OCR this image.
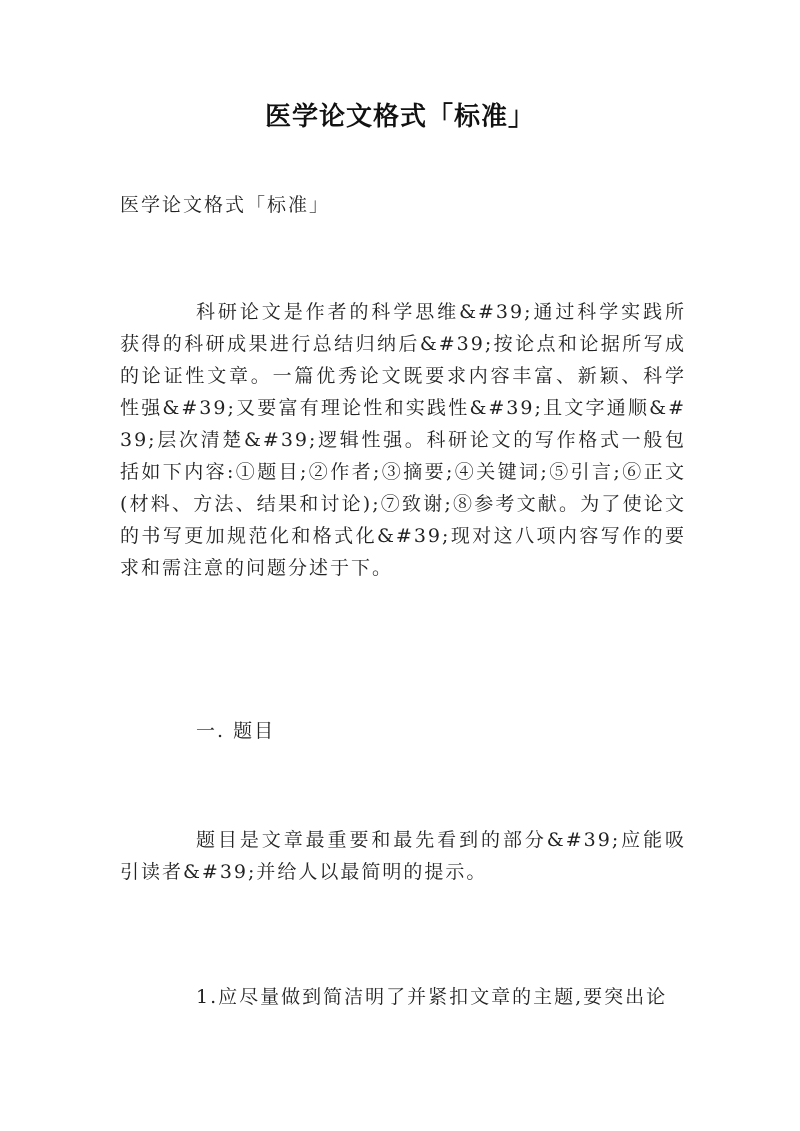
医学论文格式「标准」

医学论文格式「标准」

科研论文是作者的科学思维&#39;通过科学实践所获得的科研成果进行总结归纳后&#39;按论点和论据所写成的论证性文章。一篇优秀论文既要求内容丰富、新颖、科学性强&#39;又要富有理论性和实践性&#39;且文字通顺&#39;层次清楚&#39;逻辑性强。科研论文的写作格式一般包括如下内容:①题目;②作者;③摘要;④关键词;⑤引言;⑥正文(材料、方法、结果和讨论);⑦致谢;⑧参考文献。为了使论文的书写更加规范化和格式化&#39;现对这八项内容写作的要求和需注意的问题分述于下。

一. 题目

题目是文章最重要和最先看到的部分&#39;应能吸引读者&#39;并给人以最简明的提示。

1.应尽量做到简洁明了并紧扣文章的主题,要突出论
